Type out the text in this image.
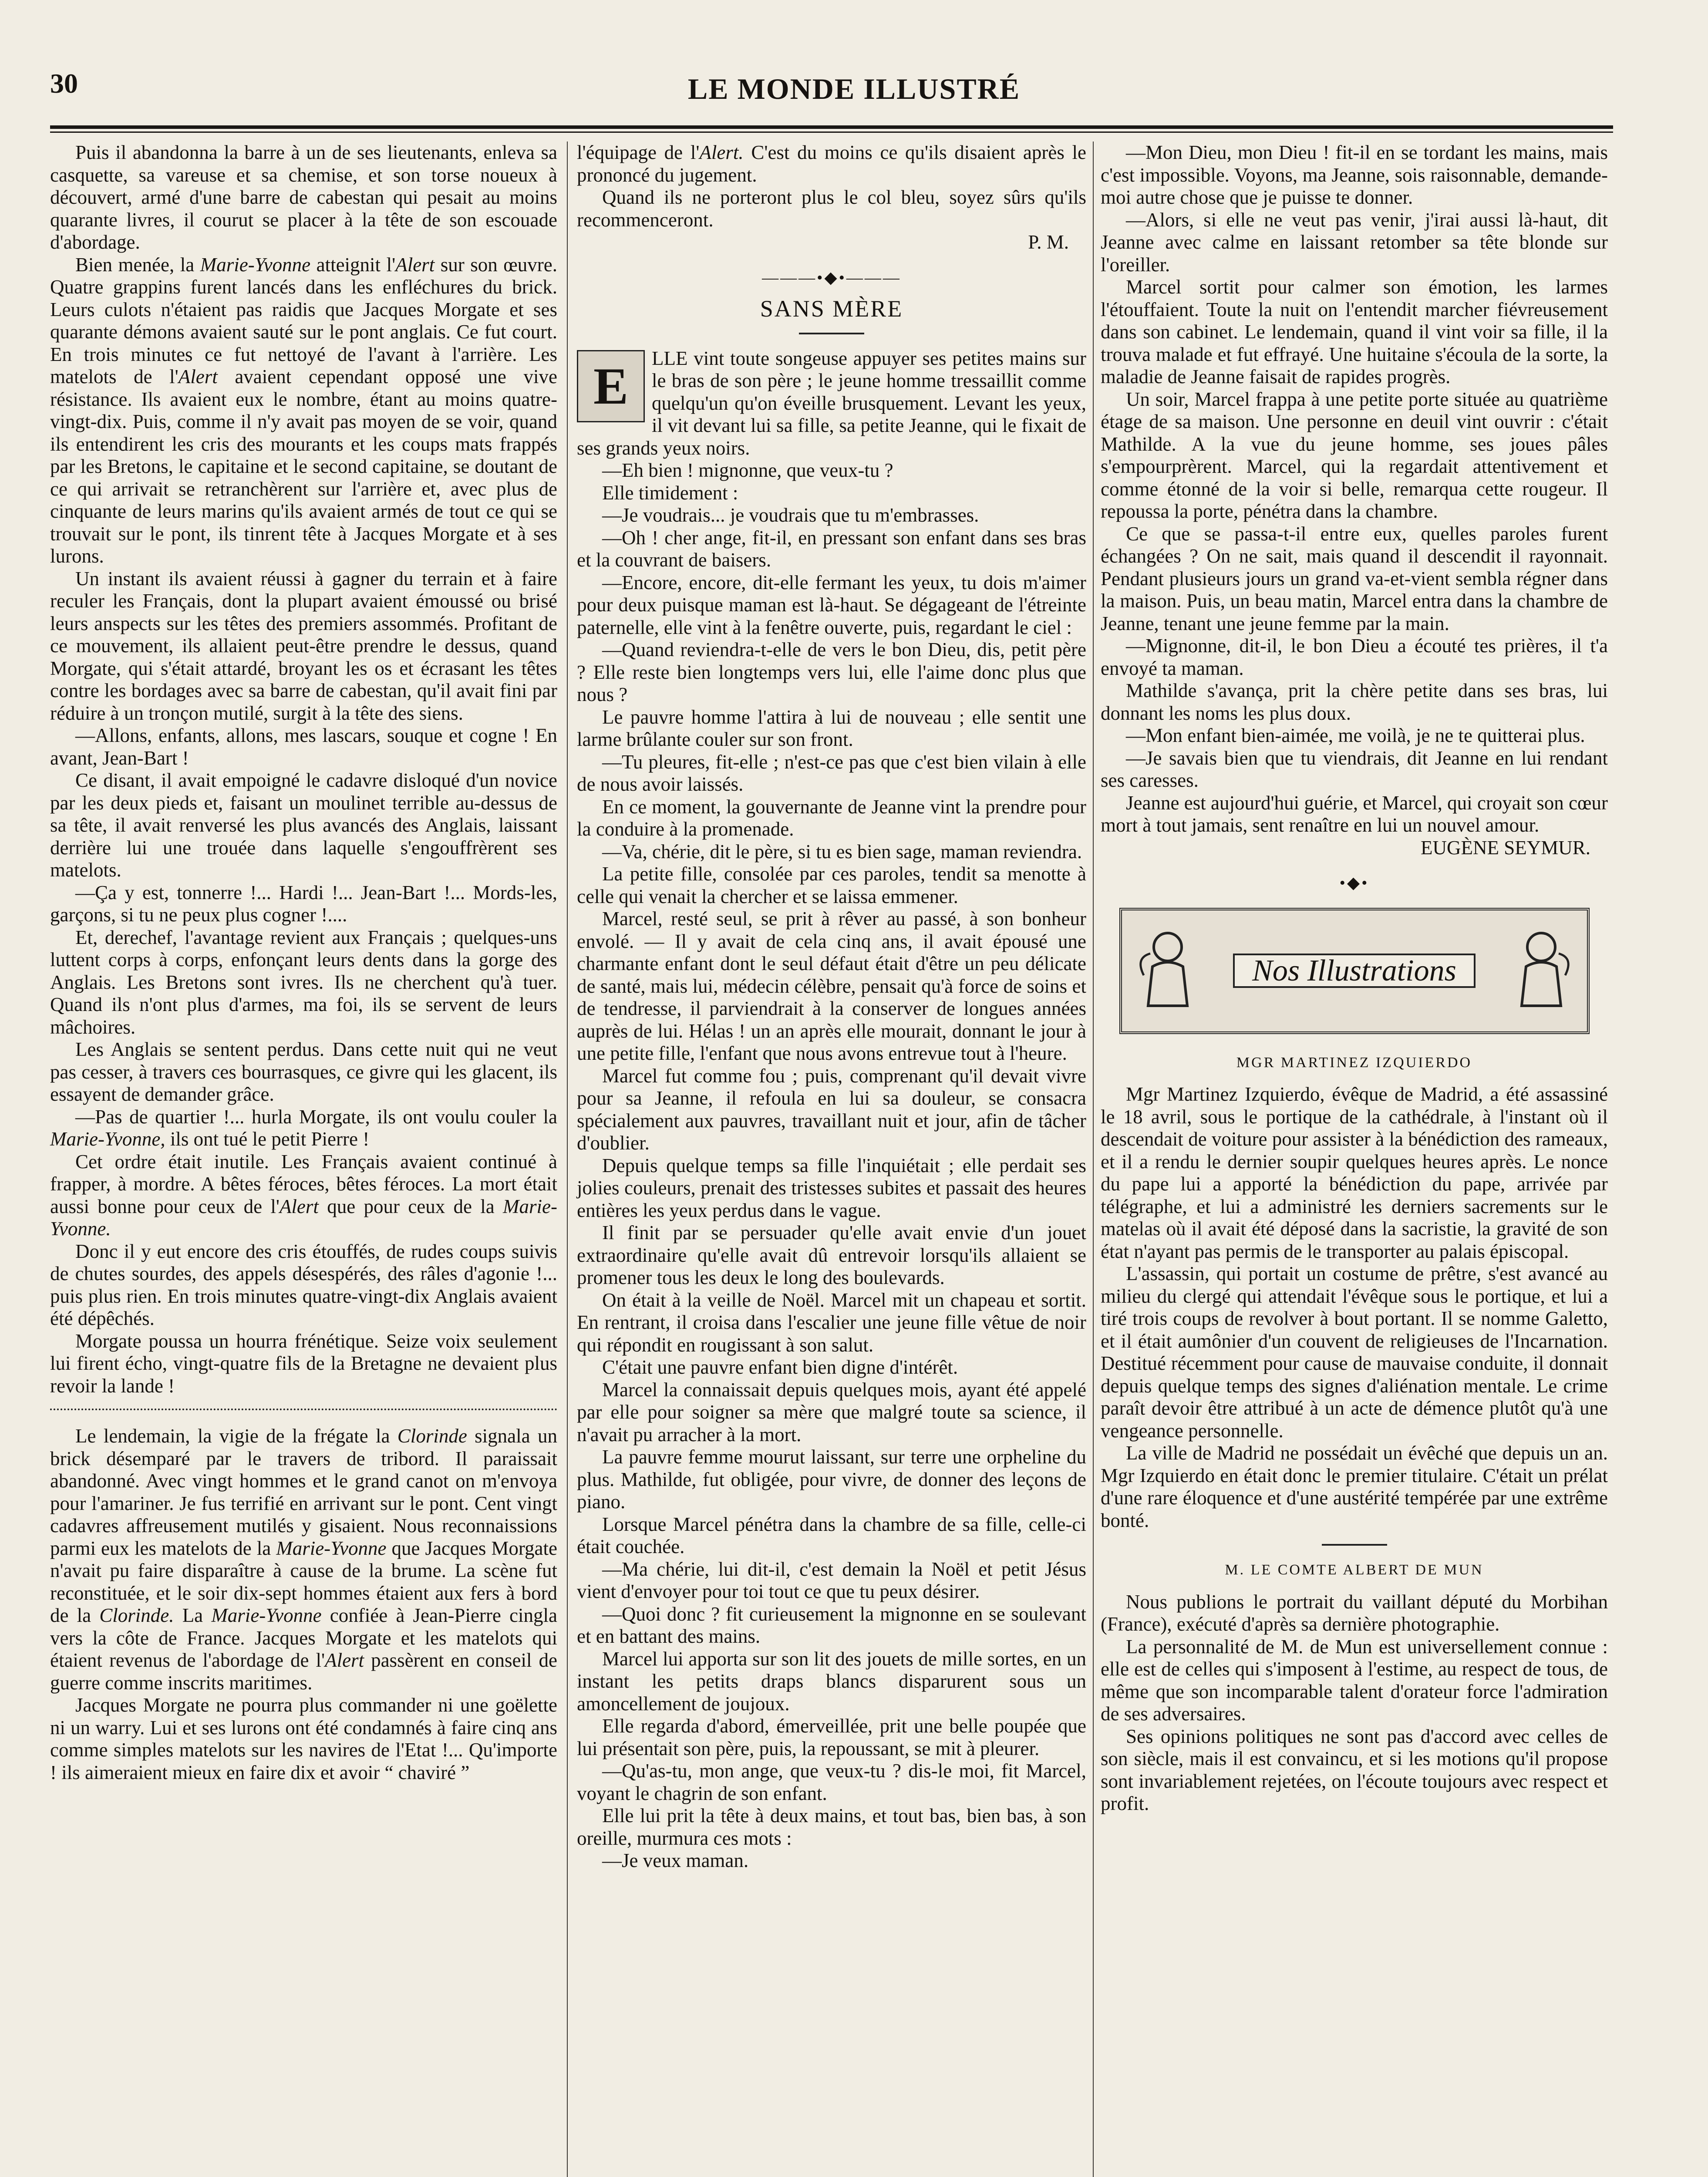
30	LE MONDE ILLUSTRÉ

Puis il abandonna la barre à un de ses lieutenants, enleva sa casquette, sa vareuse et sa chemise, et son torse noueux à découvert, armé d'une barre de cabestan qui pesait au moins quarante livres, il courut se placer à la tête de son escouade d'abordage.

Bien menée, la Marie-Yvonne atteignit l'Alert sur son œuvre. Quatre grappins furent lancés dans les enfléchures du brick. Leurs culots n'étaient pas raidis que Jacques Morgate et ses quarante démons avaient sauté sur le pont anglais. Ce fut court. En trois minutes ce fut nettoyé de l'avant à l'arrière. Les matelots de l'Alert avaient cependant opposé une vive résistance. Ils avaient eux le nombre, étant au moins quatre-vingt-dix. Puis, comme il n'y avait pas moyen de se voir, quand ils entendirent les cris des mourants et les coups mats frappés par les Bretons, le capitaine et le second capitaine, se doutant de ce qui arrivait se retranchèrent sur l'arrière et, avec plus de cinquante de leurs marins qu'ils avaient armés de tout ce qui se trouvait sur le pont, ils tinrent tête à Jacques Morgate et à ses lurons.

Un instant ils avaient réussi à gagner du terrain et à faire reculer les Français, dont la plupart avaient émoussé ou brisé leurs anspects sur les têtes des premiers assommés. Profitant de ce mouvement, ils allaient peut-être prendre le dessus, quand Morgate, qui s'était attardé, broyant les os et écrasant les têtes contre les bordages avec sa barre de cabestan, qu'il avait fini par réduire à un tronçon mutilé, surgit à la tête des siens.

—Allons, enfants, allons, mes lascars, souque et cogne ! En avant, Jean-Bart !

Ce disant, il avait empoigné le cadavre disloqué d'un novice par les deux pieds et, faisant un moulinet terrible au-dessus de sa tête, il avait renversé les plus avancés des Anglais, laissant derrière lui une trouée dans laquelle s'engouffrèrent ses matelots.

—Ça y est, tonnerre !... Hardi !... Jean-Bart !... Mords-les, garçons, si tu ne peux plus cogner !....

Et, derechef, l'avantage revient aux Français ; quelques-uns luttent corps à corps, enfonçant leurs dents dans la gorge des Anglais. Les Bretons sont ivres. Ils ne cherchent qu'à tuer. Quand ils n'ont plus d'armes, ma foi, ils se servent de leurs mâchoires.

Les Anglais se sentent perdus. Dans cette nuit qui ne veut pas cesser, à travers ces bourrasques, ce givre qui les glacent, ils essayent de demander grâce.

—Pas de quartier !... hurla Morgate, ils ont voulu couler la Marie-Yvonne, ils ont tué le petit Pierre !

Cet ordre était inutile. Les Français avaient continué à frapper, à mordre. A bêtes féroces, bêtes féroces. La mort était aussi bonne pour ceux de l'Alert que pour ceux de la Marie-Yvonne.

Donc il y eut encore des cris étouffés, de rudes coups suivis de chutes sourdes, des appels désespérés, des râles d'agonie !... puis plus rien. En trois minutes quatre-vingt-dix Anglais avaient été dépêchés.

Morgate poussa un hourra frénétique. Seize voix seulement lui firent écho, vingt-quatre fils de la Bretagne ne devaient plus revoir la lande !

Le lendemain, la vigie de la frégate la Clorinde signala un brick désemparé par le travers de tribord. Il paraissait abandonné. Avec vingt hommes et le grand canot on m'envoya pour l'amariner. Je fus terrifié en arrivant sur le pont. Cent vingt cadavres affreusement mutilés y gisaient. Nous reconnaissions parmi eux les matelots de la Marie-Yvonne que Jacques Morgate n'avait pu faire disparaître à cause de la brume. La scène fut reconstituée, et le soir dix-sept hommes étaient aux fers à bord de la Clorinde. La Marie-Yvonne confiée à Jean-Pierre cingla vers la côte de France. Jacques Morgate et les matelots qui étaient revenus de l'abordage de l'Alert passèrent en conseil de guerre comme inscrits maritimes.

Jacques Morgate ne pourra plus commander ni une goëlette ni un warry. Lui et ses lurons ont été condamnés à faire cinq ans comme simples matelots sur les navires de l'Etat !... Qu'importe ! ils aimeraient mieux en faire dix et avoir “ chaviré ”

l'équipage de l'Alert. C'est du moins ce qu'ils disaient après le prononcé du jugement.

Quand ils ne porteront plus le col bleu, soyez sûrs qu'ils recommenceront.

P. M.

———•◆•———
SANS MÈRE

E	LLE vint toute songeuse appuyer ses petites mains sur le bras de son père ; le jeune homme tressaillit comme quelqu'un qu'on éveille brusquement. Levant les yeux, il vit devant lui sa fille, sa petite Jeanne, qui le fixait de ses grands yeux noirs.

—Eh bien ! mignonne, que veux-tu ?

Elle timidement :

—Je voudrais... je voudrais que tu m'embrasses.

—Oh ! cher ange, fit-il, en pressant son enfant dans ses bras et la couvrant de baisers.

—Encore, encore, dit-elle fermant les yeux, tu dois m'aimer pour deux puisque maman est là-haut. Se dégageant de l'étreinte paternelle, elle vint à la fenêtre ouverte, puis, regardant le ciel :

—Quand reviendra-t-elle de vers le bon Dieu, dis, petit père ? Elle reste bien longtemps vers lui, elle l'aime donc plus que nous ?

Le pauvre homme l'attira à lui de nouveau ; elle sentit une larme brûlante couler sur son front.

—Tu pleures, fit-elle ; n'est-ce pas que c'est bien vilain à elle de nous avoir laissés.

En ce moment, la gouvernante de Jeanne vint la prendre pour la conduire à la promenade.

—Va, chérie, dit le père, si tu es bien sage, maman reviendra.

La petite fille, consolée par ces paroles, tendit sa menotte à celle qui venait la chercher et se laissa emmener.

Marcel, resté seul, se prit à rêver au passé, à son bonheur envolé. — Il y avait de cela cinq ans, il avait épousé une charmante enfant dont le seul défaut était d'être un peu délicate de santé, mais lui, médecin célèbre, pensait qu'à force de soins et de tendresse, il parviendrait à la conserver de longues années auprès de lui. Hélas ! un an après elle mourait, donnant le jour à une petite fille, l'enfant que nous avons entrevue tout à l'heure.

Marcel fut comme fou ; puis, comprenant qu'il devait vivre pour sa Jeanne, il refoula en lui sa douleur, se consacra spécialement aux pauvres, travaillant nuit et jour, afin de tâcher d'oublier.

Depuis quelque temps sa fille l'inquiétait ; elle perdait ses jolies couleurs, prenait des tristesses subites et passait des heures entières les yeux perdus dans le vague.

Il finit par se persuader qu'elle avait envie d'un jouet extraordinaire qu'elle avait dû entrevoir lorsqu'ils allaient se promener tous les deux le long des boulevards.

On était à la veille de Noël. Marcel mit un chapeau et sortit. En rentrant, il croisa dans l'escalier une jeune fille vêtue de noir qui répondit en rougissant à son salut.

C'était une pauvre enfant bien digne d'intérêt.

Marcel la connaissait depuis quelques mois, ayant été appelé par elle pour soigner sa mère que malgré toute sa science, il n'avait pu arracher à la mort.

La pauvre femme mourut laissant, sur terre une orpheline du plus. Mathilde, fut obligée, pour vivre, de donner des leçons de piano.

Lorsque Marcel pénétra dans la chambre de sa fille, celle-ci était couchée.

—Ma chérie, lui dit-il, c'est demain la Noël et petit Jésus vient d'envoyer pour toi tout ce que tu peux désirer.

—Quoi donc ? fit curieusement la mignonne en se soulevant et en battant des mains.

Marcel lui apporta sur son lit des jouets de mille sortes, en un instant les petits draps blancs disparurent sous un amoncellement de joujoux.

Elle regarda d'abord, émerveillée, prit une belle poupée que lui présentait son père, puis, la repoussant, se mit à pleurer.

—Qu'as-tu, mon ange, que veux-tu ? dis-le moi, fit Marcel, voyant le chagrin de son enfant.

Elle lui prit la tête à deux mains, et tout bas, bien bas, à son oreille, murmura ces mots :

—Je veux maman.

—Mon Dieu, mon Dieu ! fit-il en se tordant les mains, mais c'est impossible. Voyons, ma Jeanne, sois raisonnable, demande-moi autre chose que je puisse te donner.

—Alors, si elle ne veut pas venir, j'irai aussi là-haut, dit Jeanne avec calme en laissant retomber sa tête blonde sur l'oreiller.

Marcel sortit pour calmer son émotion, les larmes l'étouffaient. Toute la nuit on l'entendit marcher fiévreusement dans son cabinet. Le lendemain, quand il vint voir sa fille, il la trouva malade et fut effrayé. Une huitaine s'écoula de la sorte, la maladie de Jeanne faisait de rapides progrès.

Un soir, Marcel frappa à une petite porte située au quatrième étage de sa maison. Une personne en deuil vint ouvrir : c'était Mathilde. A la vue du jeune homme, ses joues pâles s'empourprèrent. Marcel, qui la regardait attentivement et comme étonné de la voir si belle, remarqua cette rougeur. Il repoussa la porte, pénétra dans la chambre.

Ce que se passa-t-il entre eux, quelles paroles furent échangées ? On ne sait, mais quand il descendit il rayonnait. Pendant plusieurs jours un grand va-et-vient sembla régner dans la maison. Puis, un beau matin, Marcel entra dans la chambre de Jeanne, tenant une jeune femme par la main.

—Mignonne, dit-il, le bon Dieu a écouté tes prières, il t'a envoyé ta maman.

Mathilde s'avança, prit la chère petite dans ses bras, lui donnant les noms les plus doux.

—Mon enfant bien-aimée, me voilà, je ne te quitterai plus.

—Je savais bien que tu viendrais, dit Jeanne en lui rendant ses caresses.

Jeanne est aujourd'hui guérie, et Marcel, qui croyait son cœur mort à tout jamais, sent renaître en lui un nouvel amour.

EUGÈNE SEYMUR.

•◆•
Nos Illustrations
MGR MARTINEZ IZQUIERDO

Mgr Martinez Izquierdo, évêque de Madrid, a été assassiné le 18 avril, sous le portique de la cathédrale, à l'instant où il descendait de voiture pour assister à la bénédiction des rameaux, et il a rendu le dernier soupir quelques heures après. Le nonce du pape lui a apporté la bénédiction du pape, arrivée par télégraphe, et lui a administré les derniers sacrements sur le matelas où il avait été déposé dans la sacristie, la gravité de son état n'ayant pas permis de le transporter au palais épiscopal.

L'assassin, qui portait un costume de prêtre, s'est avancé au milieu du clergé qui attendait l'évêque sous le portique, et lui a tiré trois coups de revolver à bout portant. Il se nomme Galetto, et il était aumônier d'un couvent de religieuses de l'Incarnation. Destitué récemment pour cause de mauvaise conduite, il donnait depuis quelque temps des signes d'aliénation mentale. Le crime paraît devoir être attribué à un acte de démence plutôt qu'à une vengeance personnelle.

La ville de Madrid ne possédait un évêché que depuis un an. Mgr Izquierdo en était donc le premier titulaire. C'était un prélat d'une rare éloquence et d'une austérité tempérée par une extrême bonté.

M. LE COMTE ALBERT DE MUN

Nous publions le portrait du vaillant député du Morbihan (France), exécuté d'après sa dernière photographie.

La personnalité de M. de Mun est universellement connue : elle est de celles qui s'imposent à l'estime, au respect de tous, de même que son incomparable talent d'orateur force l'admiration de ses adversaires.

Ses opinions politiques ne sont pas d'accord avec celles de son siècle, mais il est convaincu, et si les motions qu'il propose sont invariablement rejetées, on l'écoute toujours avec respect et profit.
